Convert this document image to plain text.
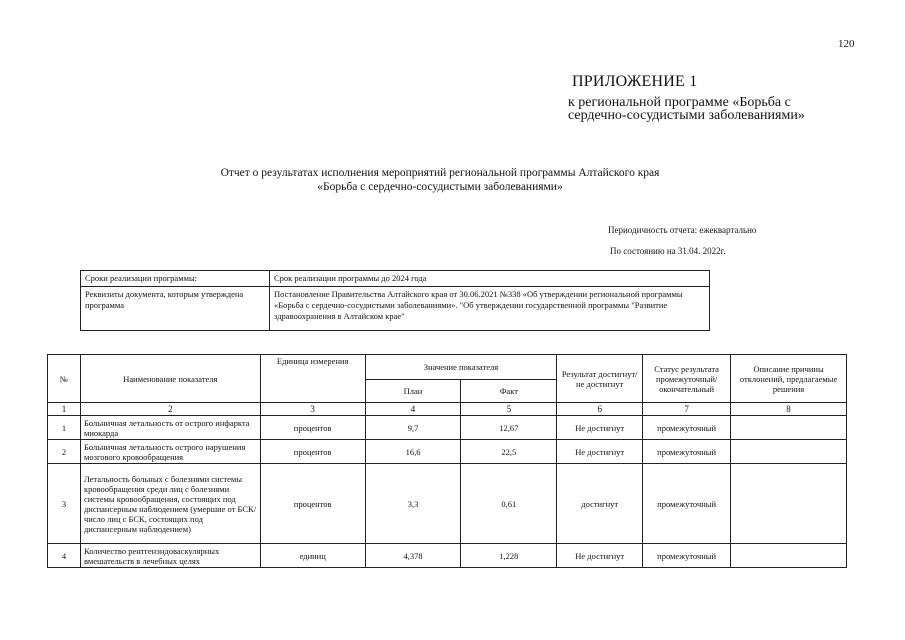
120
ПРИЛОЖЕНИЕ 1
к региональной программе «Борьба с сердечно-сосудистыми заболеваниями»
Отчет о результатах исполнения мероприятий региональной программы Алтайского края
«Борьба с сердечно-сосудистыми заболеваниями»
Периодичность отчета: ежеквартально
По состоянию на 31.04. 2022г.
Сроки реализации программы:	Срок реализации программы до 2024 года
Реквизиты документа, которым утверждена программа	Постановление Правительства Алтайского края от 30.06.2021 №338 «Об утверждении региональной программы «Борьба с сердечно-сосудистыми заболеваниями». "Об утверждении государственной программы "Развитие здравоохранения в Алтайском крае"
№	Наименование показателя	Единица измерения	Значение показателя		Результат достигнут/ не достигнут	Статус результата промежуточный/ окончательный	Описание причины отклонений, предлагаемые решения
			План	Факт			
1	2	3	4	5	6	7	8
1	Больничная летальность от острого инфаркта миокарда	процентов	9,7	12,67	Не достигнут	промежуточный	
2	Больничная летальность острого нарушения мозгового кровообращения	процентов	16,6	22,5	Не достигнут	промежуточный	
3	Летальность больных с болезнями системы кровообращения среди лиц с болезнями системы кровообращения, состоящих под диспансерным наблюдением (умершие от БСК/число лиц с БСК, состоящих под диспансерным наблюдением)	процентов	3,3	0,61	достигнут	промежуточный	
4	Количество рентгенэндоваскулярных вмешательств в лечебных целях	единиц	4,378	1,228	Не достигнут	промежуточный	
